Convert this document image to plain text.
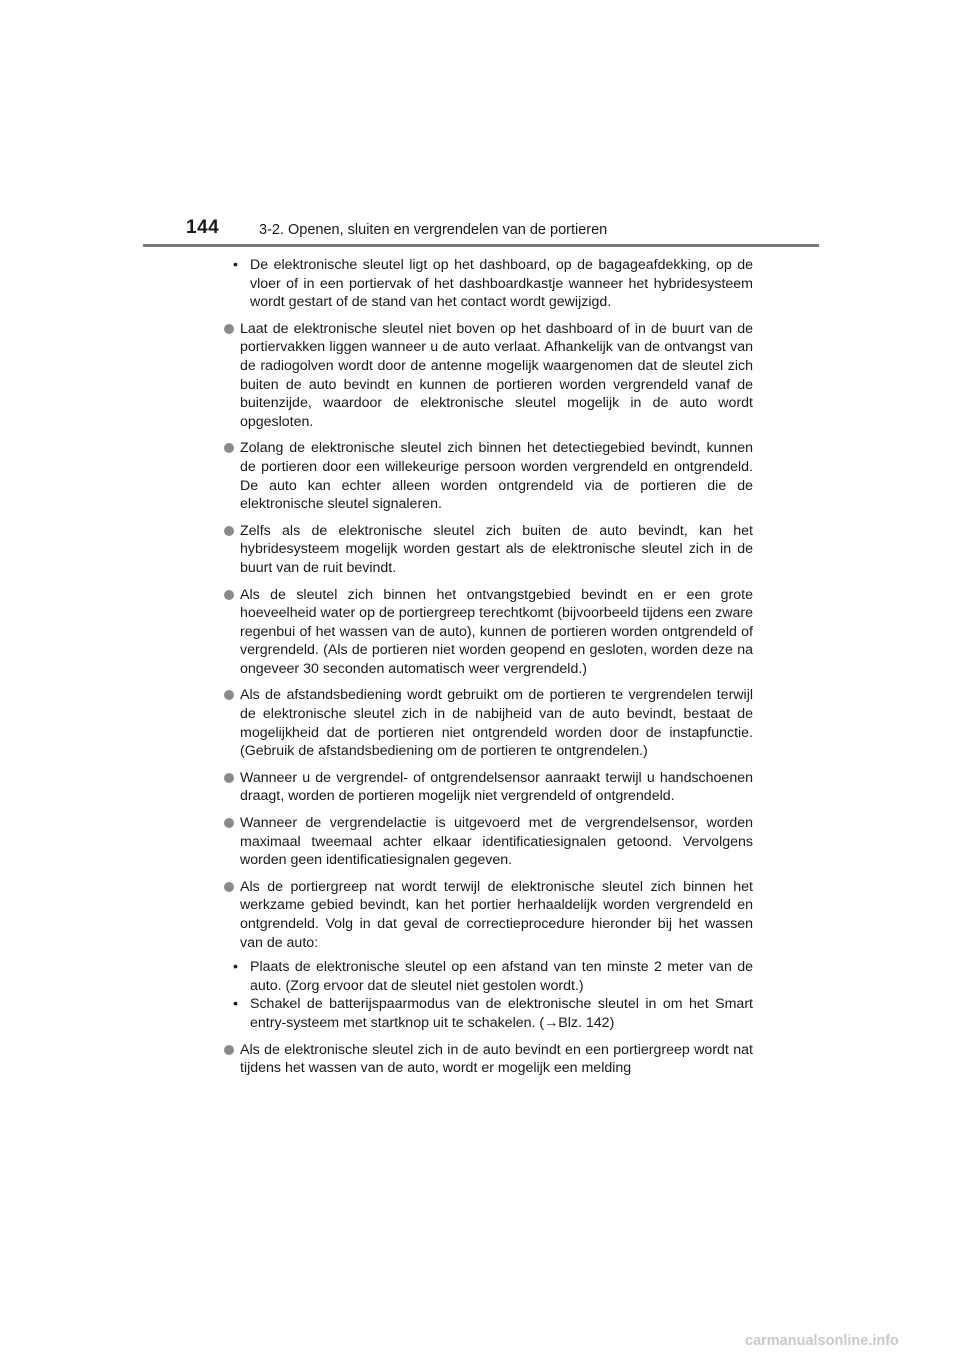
144	3-2. Openen, sluiten en vergrendelen van de portieren
• De elektronische sleutel ligt op het dashboard, op de bagageafdekking, op de vloer of in een portiervak of het dashboardkastje wanneer het hybridesysteem wordt gestart of de stand van het contact wordt gewijzigd.

Laat de elektronische sleutel niet boven op het dashboard of in de buurt van de portiervakken liggen wanneer u de auto verlaat. Afhankelijk van de ontvangst van de radiogolven wordt door de antenne mogelijk waargenomen dat de sleutel zich buiten de auto bevindt en kunnen de portieren worden vergrendeld vanaf de buitenzijde, waardoor de elektronische sleutel mogelijk in de auto wordt opgesloten.

Zolang de elektronische sleutel zich binnen het detectiegebied bevindt, kunnen de portieren door een willekeurige persoon worden vergrendeld en ontgrendeld. De auto kan echter alleen worden ontgrendeld via de portieren die de elektronische sleutel signaleren.

Zelfs als de elektronische sleutel zich buiten de auto bevindt, kan het hybridesysteem mogelijk worden gestart als de elektronische sleutel zich in de buurt van de ruit bevindt.

Als de sleutel zich binnen het ontvangstgebied bevindt en er een grote hoeveelheid water op de portiergreep terechtkomt (bijvoorbeeld tijdens een zware regenbui of het wassen van de auto), kunnen de portieren worden ontgrendeld of vergrendeld. (Als de portieren niet worden geopend en gesloten, worden deze na ongeveer 30 seconden automatisch weer vergrendeld.)

Als de afstandsbediening wordt gebruikt om de portieren te vergrendelen terwijl de elektronische sleutel zich in de nabijheid van de auto bevindt, bestaat de mogelijkheid dat de portieren niet ontgrendeld worden door de instapfunctie. (Gebruik de afstandsbediening om de portieren te ontgrendelen.)

Wanneer u de vergrendel- of ontgrendelsensor aanraakt terwijl u handschoenen draagt, worden de portieren mogelijk niet vergrendeld of ontgrendeld.

Wanneer de vergrendelactie is uitgevoerd met de vergrendelsensor, worden maximaal tweemaal achter elkaar identificatiesignalen getoond. Vervolgens worden geen identificatiesignalen gegeven.

Als de portiergreep nat wordt terwijl de elektronische sleutel zich binnen het werkzame gebied bevindt, kan het portier herhaaldelijk worden vergrendeld en ontgrendeld. Volg in dat geval de correctieprocedure hieronder bij het wassen van de auto:

• Plaats de elektronische sleutel op een afstand van ten minste 2 meter van de auto. (Zorg ervoor dat de sleutel niet gestolen wordt.)

• Schakel de batterijspaarmodus van de elektronische sleutel in om het Smart entry-systeem met startknop uit te schakelen. (→Blz. 142)

Als de elektronische sleutel zich in de auto bevindt en een portiergreep wordt nat tijdens het wassen van de auto, wordt er mogelijk een melding

carmanualsonline.info
